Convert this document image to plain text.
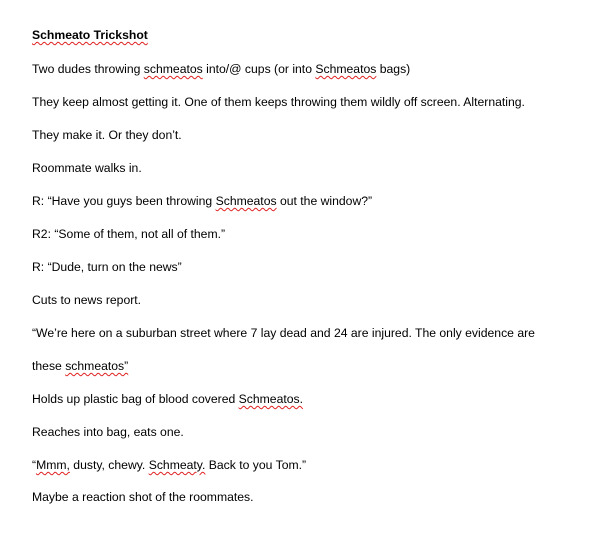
Schmeato Trickshot
Two dudes throwing schmeatos into/@ cups (or into Schmeatos bags)
They keep almost getting it. One of them keeps throwing them wildly off screen. Alternating.
They make it. Or they don’t.
Roommate walks in.
R: “Have you guys been throwing Schmeatos out the window?”
R2: “Some of them, not all of them.”
R: “Dude, turn on the news”
Cuts to news report.
“We’re here on a suburban street where 7 lay dead and 24 are injured. The only evidence are
these schmeatos”
Holds up plastic bag of blood covered Schmeatos.
Reaches into bag, eats one.
“Mmm, dusty, chewy. Schmeaty. Back to you Tom.”
Maybe a reaction shot of the roommates.
